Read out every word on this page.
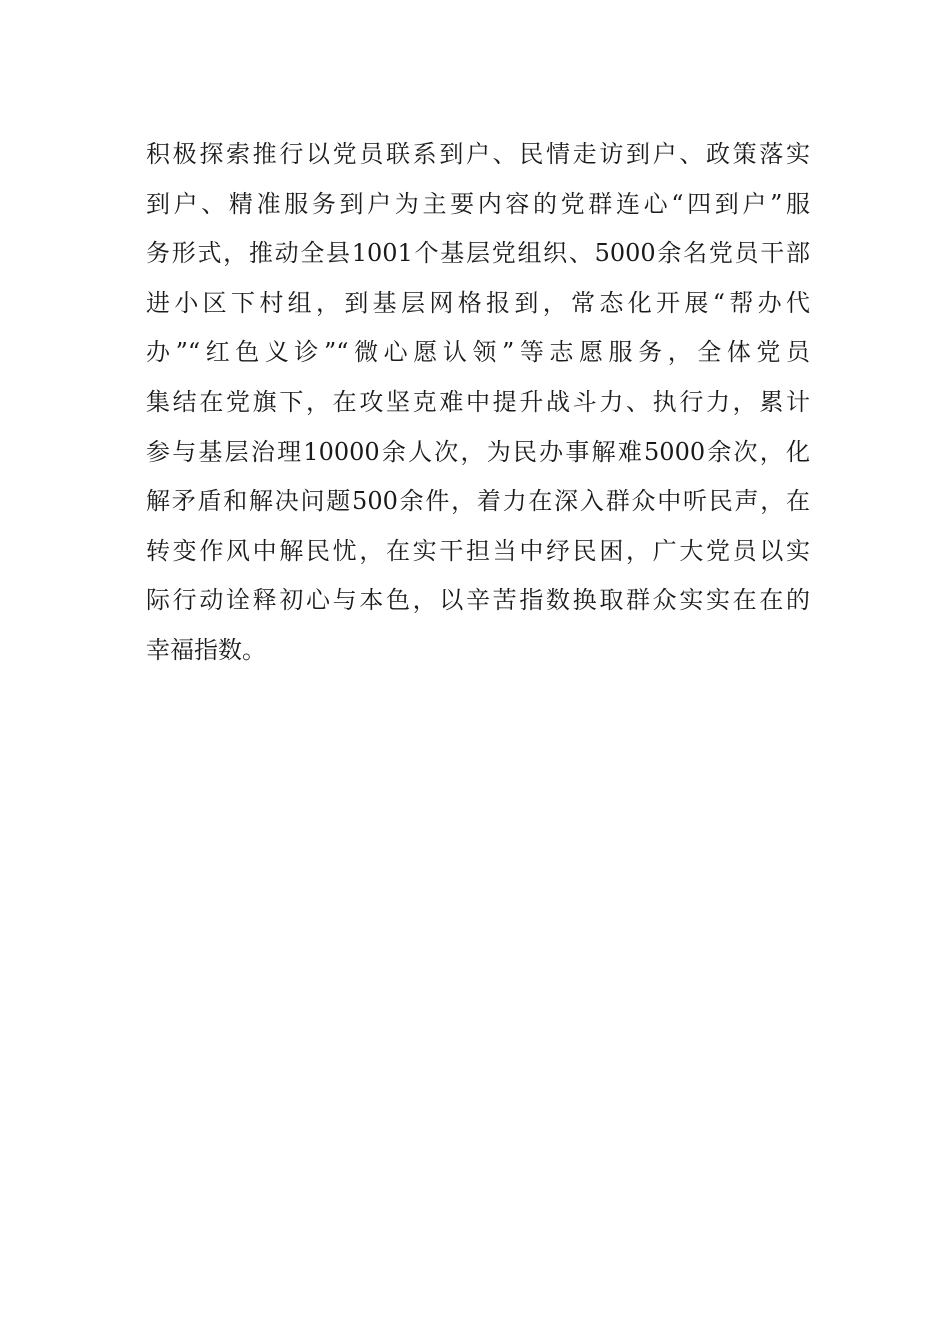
积极探索推行以党员联系到户、民情走访到户、政策落实
到户、精准服务到户为主要内容的党群连心“四到户”服
务形式，推动全县1001个基层党组织、5000余名党员干部
进小区下村组，到基层网格报到，常态化开展“帮办代
办”“红色义诊”“微心愿认领”等志愿服务，全体党员
集结在党旗下，在攻坚克难中提升战斗力、执行力，累计
参与基层治理10000余人次，为民办事解难5000余次，化
解矛盾和解决问题500余件，着力在深入群众中听民声，在
转变作风中解民忧，在实干担当中纾民困，广大党员以实
际行动诠释初心与本色，以辛苦指数换取群众实实在在的
幸福指数。
